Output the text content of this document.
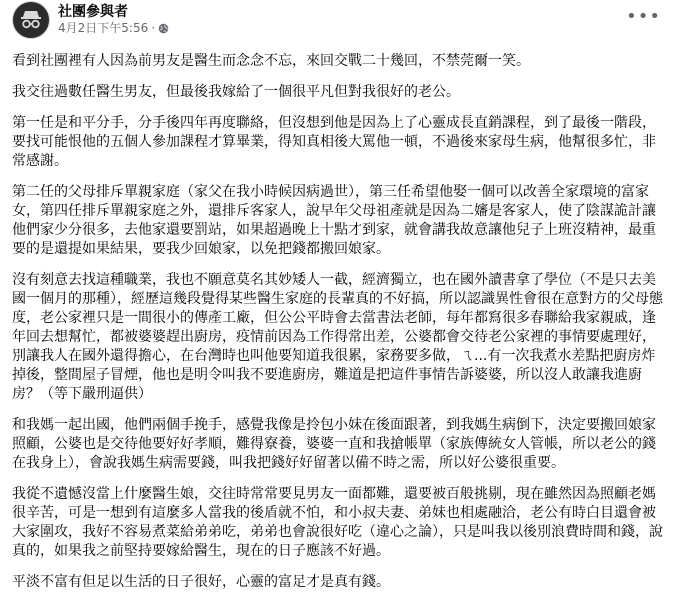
社團參與者
4月2日下午5:56 ·
•••

看到社團裡有人因為前男友是醫生而念念不忘，來回交戰二十幾回，不禁莞爾一笑。

我交往過數任醫生男友，但最後我嫁給了一個很平凡但對我很好的老公。

第一任是和平分手，分手後四年再度聯絡，但沒想到他是因為上了心靈成長直銷課程，到了最後一階段，要找可能恨他的五個人參加課程才算畢業，得知真相後大罵他一頓，不過後來家母生病，他幫很多忙，非常感謝。

第二任的父母排斥單親家庭（家父在我小時候因病過世），第三任希望他娶一個可以改善全家環境的富家女，第四任排斥單親家庭之外，還排斥客家人，說早年父母祖產就是因為二嬸是客家人，使了陰謀詭計讓他們家少分很多，去他家還要罰站，如果超過晚上十點才到家，就會講我故意讓他兒子上班沒精神，最重要的是還提如果結果，要我少回娘家，以免把錢都搬回娘家。

沒有刻意去找這種職業，我也不願意莫名其妙矮人一截，經濟獨立，也在國外讀書拿了學位（不是只去美國一個月的那種），經歷這幾段覺得某些醫生家庭的長輩真的不好搞，所以認識異性會很在意對方的父母態度，老公家裡只是一間很小的傳產工廠，但公公平時會去當書法老師，每年都寫很多春聯給我家親戚，逢年回去想幫忙，都被婆婆趕出廚房，疫情前因為工作得常出差，公婆都會交待老公家裡的事情要處理好，別讓我人在國外還得擔心，在台灣時也叫他要知道我很累，家務要多做，ㄟ...有一次我煮水差點把廚房炸掉後，整間屋子冒煙，他也是明令叫我不要進廚房，難道是把這件事情告訴婆婆，所以沒人敢讓我進廚房？（等下嚴刑逼供）

和我媽一起出國，他們兩個手挽手，感覺我像是拎包小妹在後面跟著，到我媽生病倒下，決定要搬回娘家照顧，公婆也是交待他要好好孝順，難得寮養，婆婆一直和我搶帳單（家族傳統女人管帳，所以老公的錢在我身上），會說我媽生病需要錢，叫我把錢好好留著以備不時之需，所以好公婆很重要。

我從不遺憾沒當上什麼醫生娘，交往時常常要見男友一面都難，還要被百般挑剔，現在雖然因為照顧老媽很辛苦，可是一想到有這麼多人當我的後盾就不怕，和小叔夫妻、弟妹也相處融洽，老公有時白目還會被大家圍攻，我好不容易煮菜給弟弟吃，弟弟也會說很好吃（違心之論），只是叫我以後別浪費時間和錢，說真的，如果我之前堅持要嫁給醫生，現在的日子應該不好過。

平淡不富有但足以生活的日子很好，心靈的富足才是真有錢。
